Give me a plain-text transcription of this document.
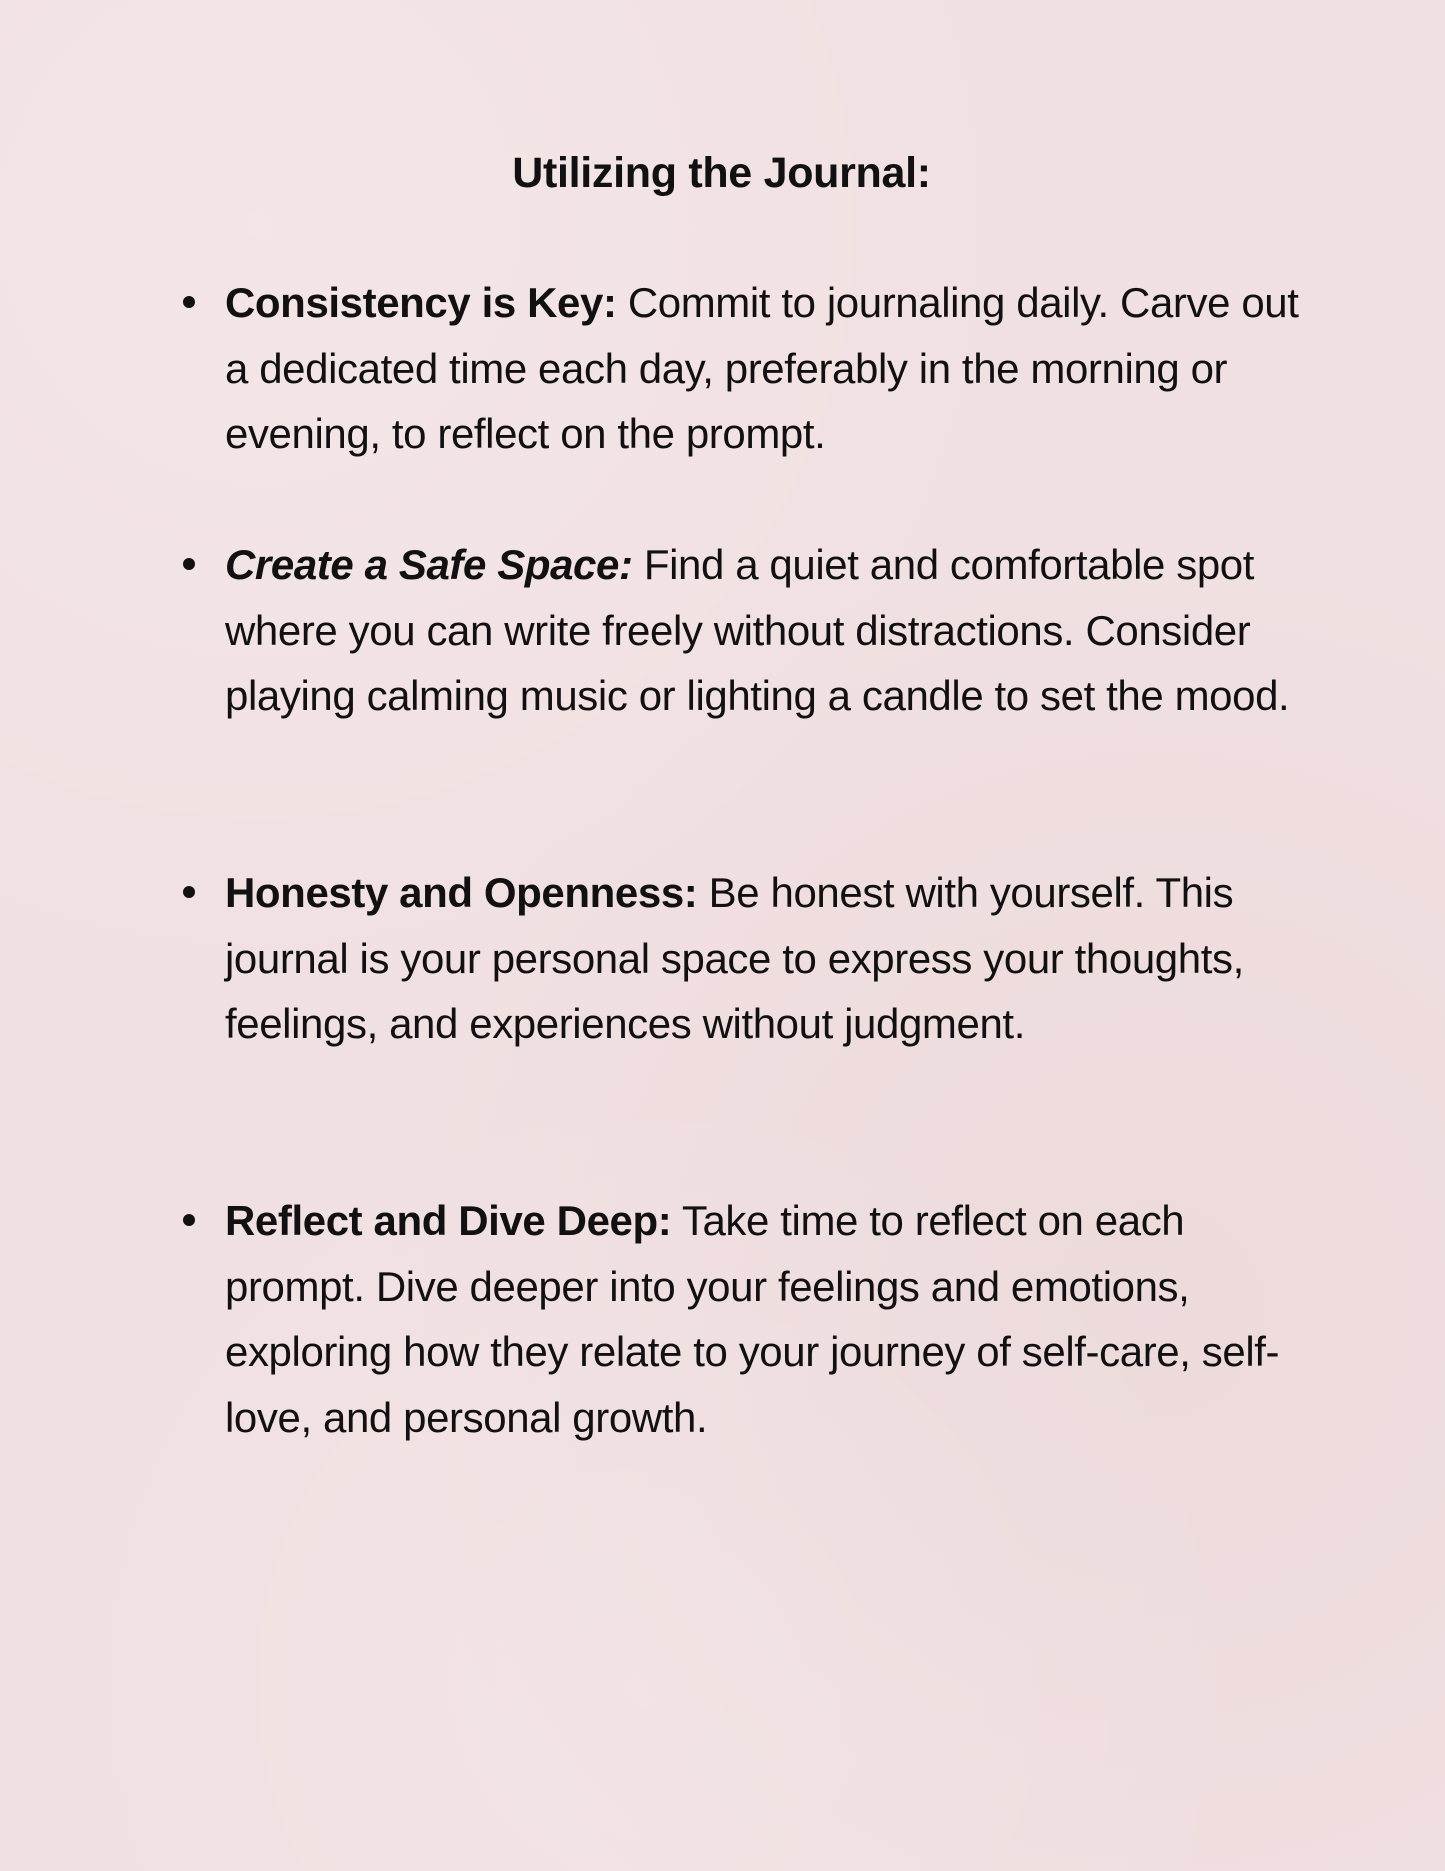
Utilizing the Journal:

Consistency is Key: Commit to journaling daily. Carve out a dedicated time each day, preferably in the morning or evening, to reflect on the prompt.

Create a Safe Space: Find a quiet and comfortable spot where you can write freely without distractions. Consider playing calming music or lighting a candle to set the mood.

Honesty and Openness: Be honest with yourself. This journal is your personal space to express your thoughts, feelings, and experiences without judgment.

Reflect and Dive Deep: Take time to reflect on each prompt. Dive deeper into your feelings and emotions, exploring how they relate to your journey of self-care, self-love, and personal growth.
